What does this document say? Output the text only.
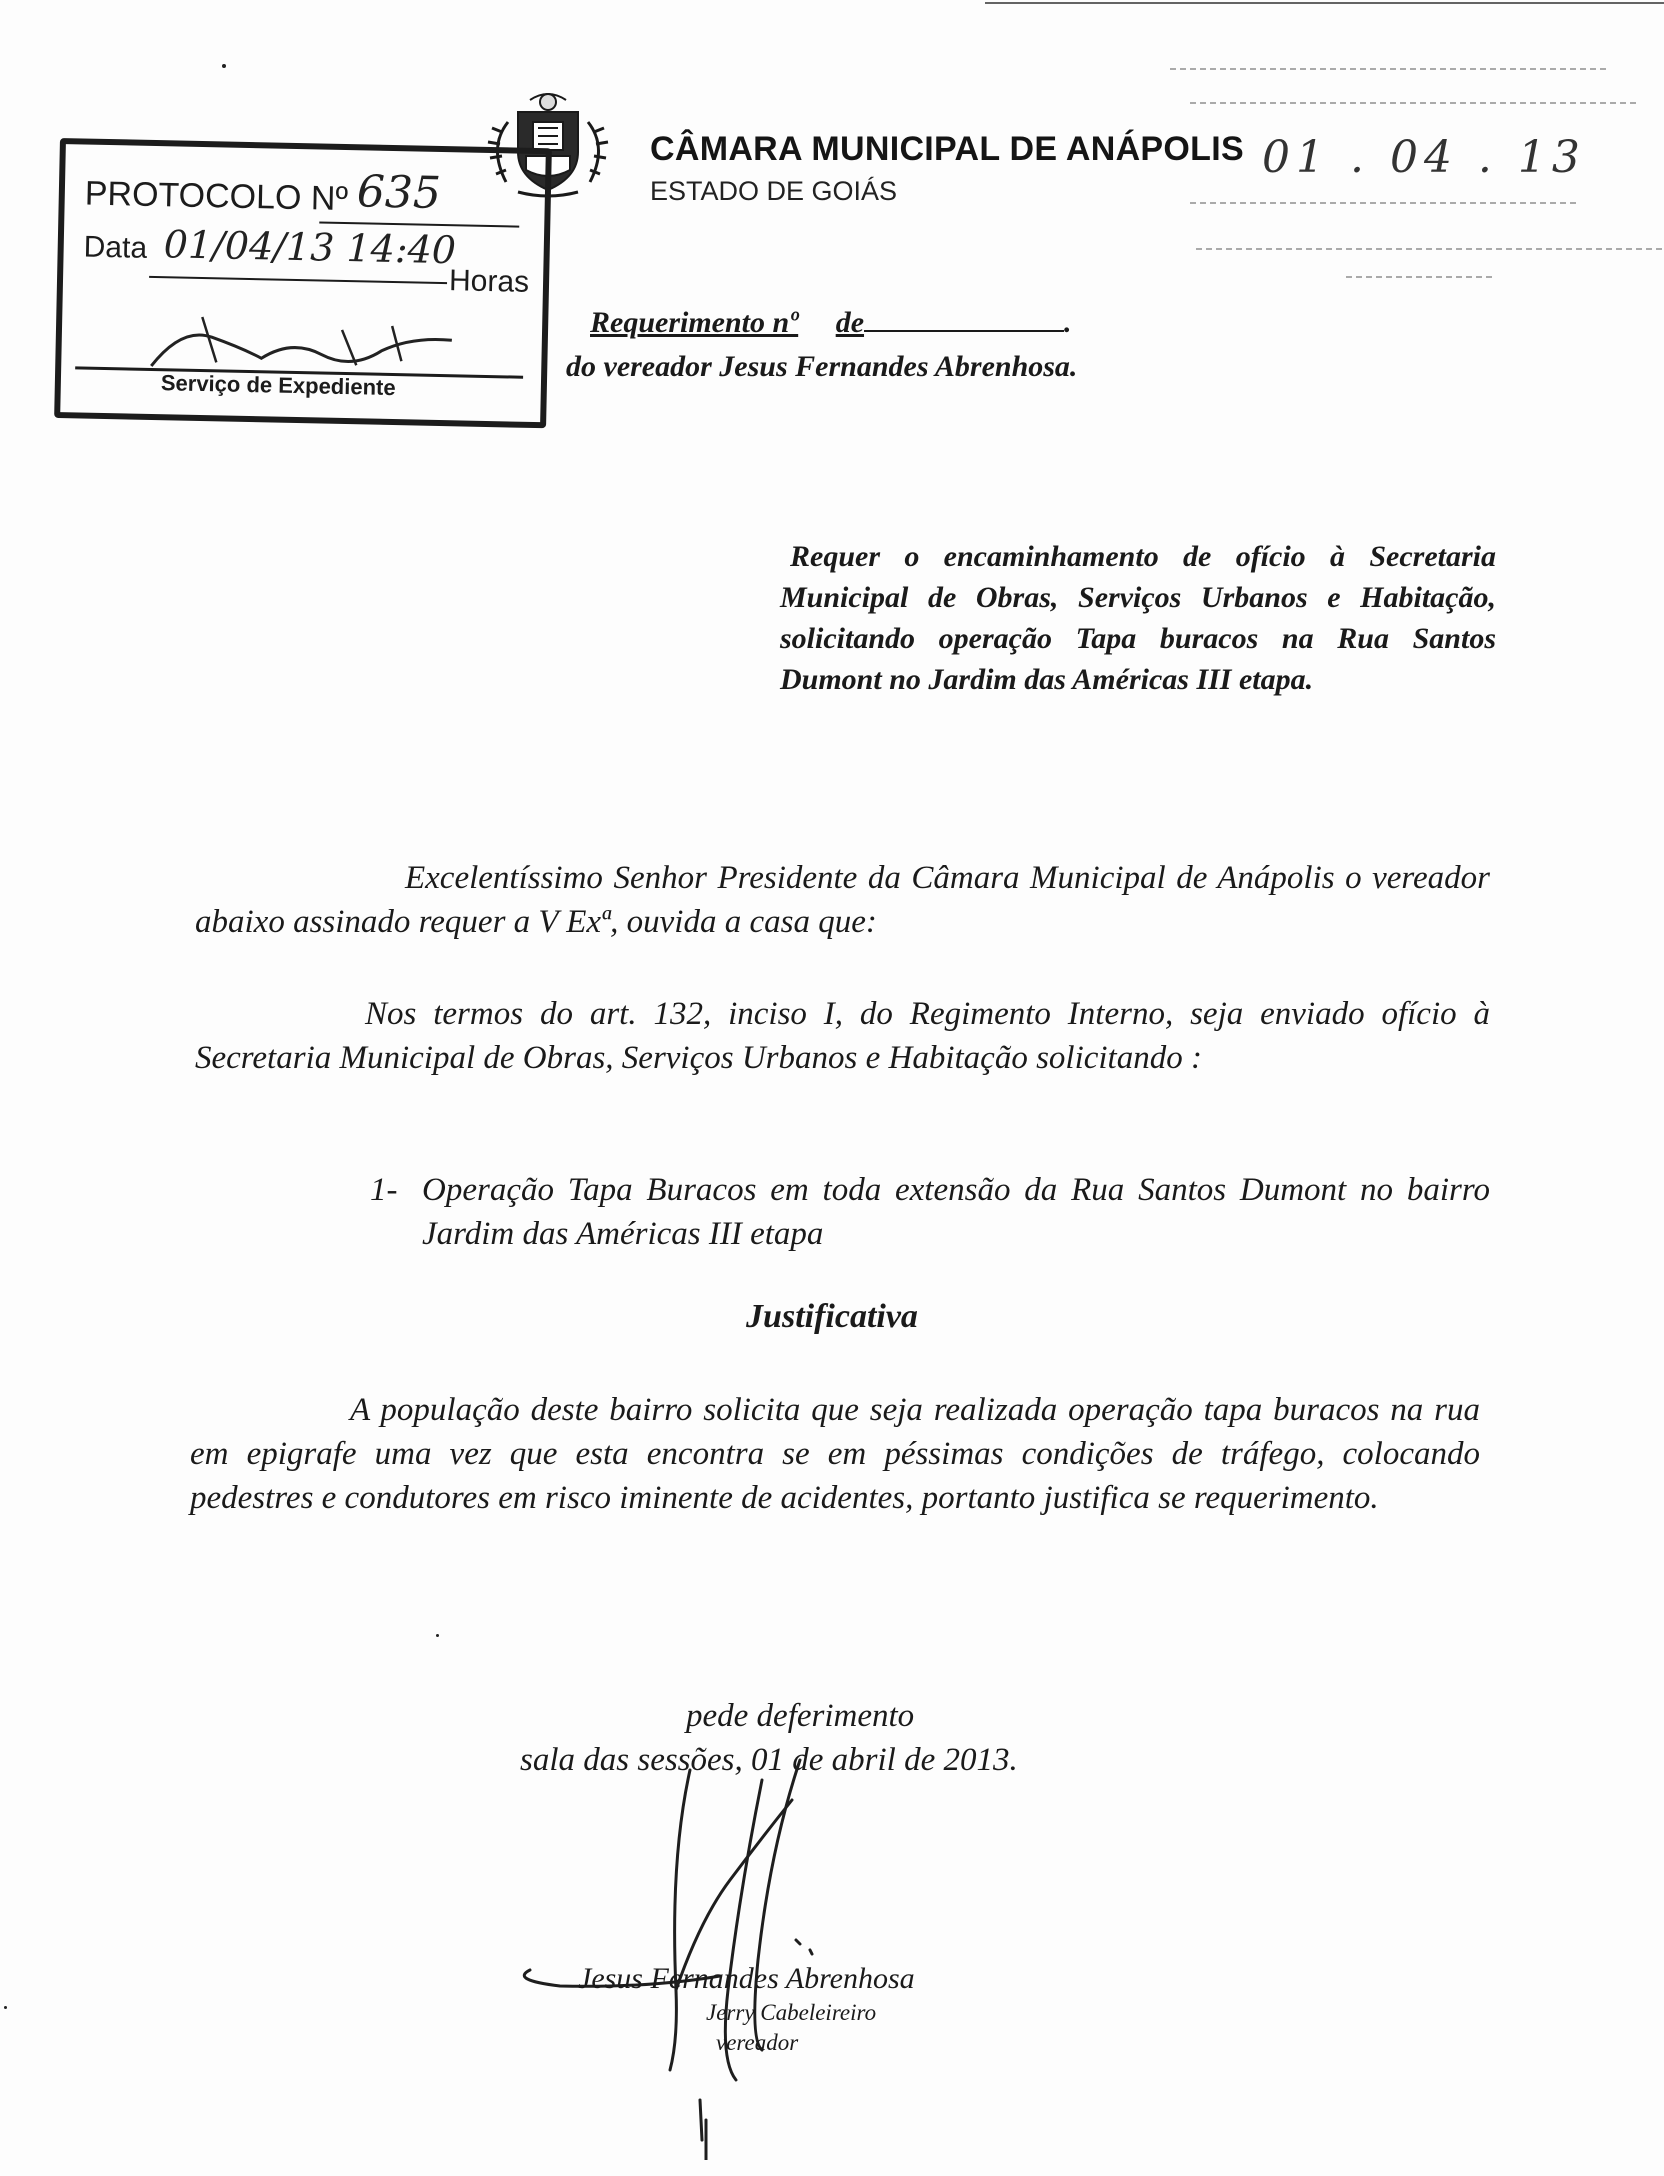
CÂMARA MUNICIPAL DE ANÁPOLIS
ESTADO DE GOIÁS
PROTOCOLO Nº 635
Data 01/04/13 14:40
Horas
Serviço de Expediente
01 . 04 . 13
Requerimento nº de	.
do vereador Jesus Fernandes Abrenhosa.
Requer o encaminhamento de ofício à Secretaria Municipal de Obras, Serviços Urbanos e Habitação, solicitando operação Tapa buracos na Rua Santos Dumont no Jardim das Américas III etapa.
Excelentíssimo Senhor Presidente da Câmara Municipal de Anápolis o vereador abaixo assinado requer a V Exª, ouvida a casa que:
Nos termos do art. 132, inciso I, do Regimento Interno, seja enviado ofício à Secretaria Municipal de Obras, Serviços Urbanos e Habitação solicitando :
1- Operação Tapa Buracos em toda extensão da Rua Santos Dumont no bairro Jardim das Américas III etapa
Justificativa
A população deste bairro solicita que seja realizada operação tapa buracos na rua em epigrafe uma vez que esta encontra se em péssimas condições de tráfego, colocando pedestres e condutores em risco iminente de acidentes, portanto justifica se requerimento.
pede deferimento
sala das sessões, 01 de abril de 2013.
Jesus Fernandes Abrenhosa
Jerry Cabeleireiro
vereador
